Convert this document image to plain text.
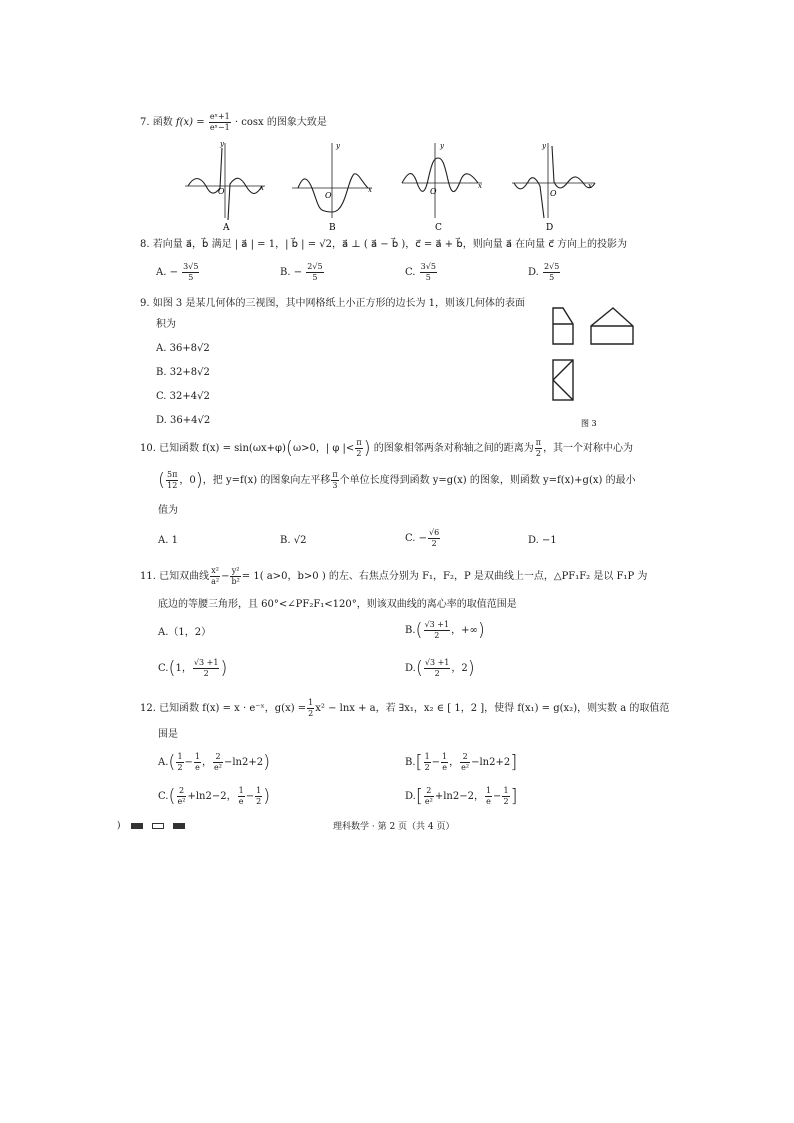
7. 函数 $f(x) = \frac{\text{eˣ+1}}{\text{eˣ−1}} \cdot \cos x$ 的图象大致是
y
x
O
A
y
x
O
B
y
x
O
C
y
x
O
D
8. 若向量 a⃗，b⃗ 满足 | a⃗ | = 1，| b⃗ | = √2，a⃗ ⊥ ( a⃗ − b⃗ )，c⃗ = a⃗ + b⃗，则向量 a⃗ 在向量 c⃗ 方向上的投影为
A. − $\frac{3√5}{5}$	B. − $\frac{2√5}{5}$	C. $\frac{3√5}{5}$	D. $\frac{2√5}{5}$
9. 如图 3 是某几何体的三视图，其中网格纸上小正方形的边长为 1，则该几何体的表面
积为
A. 36+8√2
B. 32+8√2
C. 32+4√2
D. 36+4√2	图 3
10. 已知函数 f(x) = sin(ωx+φ)(ω>0，| φ |< $\frac{\pi}{2}$ ) 的图象相邻两条对称轴之间的距离为 $\frac{\pi}{2}$ ，其一个对称中心为
( $\frac{5\pi}{12}$ ，0)，把 y=f(x) 的图象向左平移 $\frac{\pi}{3}$ 个单位长度得到函数 y=g(x) 的图象，则函数 y=f(x)+g(x) 的最小
值为
A. 1	B. √2	C. − $\frac{√6}{2}$	D. −1
11. 已知双曲线 $\frac{\text{x²}}{\text{a²}} - \frac{\text{y²}}{\text{b²}} = 1$( a>0，b>0 ) 的左、右焦点分别为 F₁，F₂，P 是双曲线上一点，△PF₁F₂ 是以 F₁P 为
底边的等腰三角形，且 60°<∠PF₂F₁<120°，则该双曲线的离心率的取值范围是
A.（1，2）	$B.( \frac{√3 +1}{2}$ ，+∞)
C.(1， $\frac{√3 +1}{2}$ )	$D.( \frac{√3 +1}{2}$ ，2)
12. 已知函数 f(x) = x · e⁻ˣ，$g(x) = \frac{1}{2} x^2 - \ln x + a$，若 ∃x₁，x₂ ∈ [ 1，2 ]，使得 f(x₁) = g(x₂)，则实数 a 的取值范
围是
$A.( \frac{1}{2} - \frac{1}{e}$ ， $\frac{2}{\text{e²}} -\ln 2+2$)	$B.[ \frac{1}{2} - \frac{1}{e}$ ， $\frac{2}{\text{e²}} -\ln 2+2$]
$C.( \frac{2}{\text{e²}} +\ln 2-2$， $\frac{1}{e} - \frac{1}{2}$ )	$D.[ \frac{2}{\text{e²}} +\ln 2-2$， $\frac{1}{e} - \frac{1}{2}$ ]
)	理科数学 · 第 2 页（共 4 页）
